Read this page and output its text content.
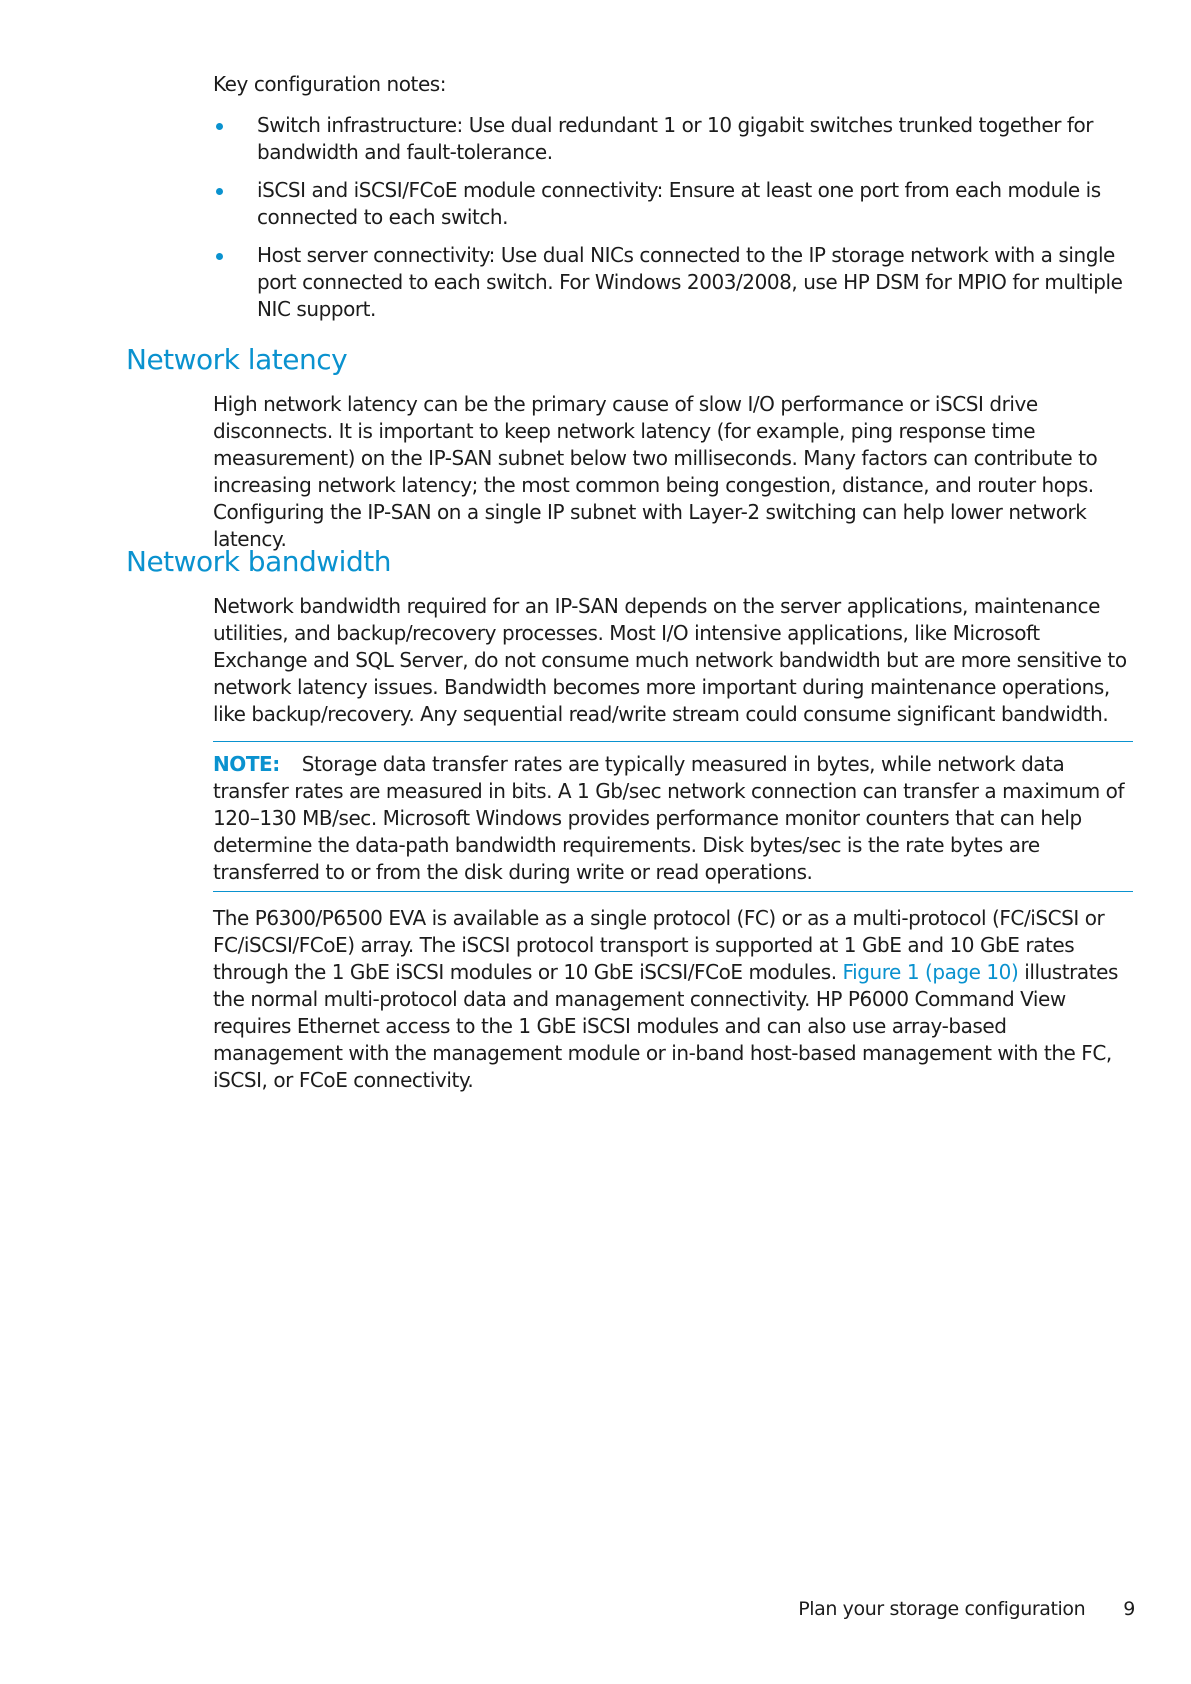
Key configuration notes:

Switch infrastructure: Use dual redundant 1 or 10 gigabit switches trunked together for bandwidth and fault-tolerance.
iSCSI and iSCSI/FCoE module connectivity: Ensure at least one port from each module is connected to each switch.
Host server connectivity: Use dual NICs connected to the IP storage network with a single port connected to each switch. For Windows 2003/2008, use HP DSM for MPIO for multiple NIC support.
Network latency

High network latency can be the primary cause of slow I/O performance or iSCSI drive disconnects. It is important to keep network latency (for example, ping response time measurement) on the IP-SAN subnet below two milliseconds. Many factors can contribute to increasing network latency; the most common being congestion, distance, and router hops. Configuring the IP-SAN on a single IP subnet with Layer-2 switching can help lower network latency.

Network bandwidth

Network bandwidth required for an IP-SAN depends on the server applications, maintenance utilities, and backup/recovery processes. Most I/O intensive applications, like Microsoft Exchange and SQL Server, do not consume much network bandwidth but are more sensitive to network latency issues. Bandwidth becomes more important during maintenance operations, like backup/recovery. Any sequential read/write stream could consume significant bandwidth.

NOTE: Storage data transfer rates are typically measured in bytes, while network data transfer rates are measured in bits. A 1 Gb/sec network connection can transfer a maximum of 120–130 MB/sec. Microsoft Windows provides performance monitor counters that can help determine the data-path bandwidth requirements. Disk bytes/sec is the rate bytes are transferred to or from the disk during write or read operations.

The P6300/P6500 EVA is available as a single protocol (FC) or as a multi-protocol (FC/iSCSI or FC/iSCSI/FCoE) array. The iSCSI protocol transport is supported at 1 GbE and 10 GbE rates through the 1 GbE iSCSI modules or 10 GbE iSCSI/FCoE modules. Figure 1 (page 10) illustrates the normal multi-protocol data and management connectivity. HP P6000 Command View requires Ethernet access to the 1 GbE iSCSI modules and can also use array-based management with the management module or in-band host-based management with the FC, iSCSI, or FCoE connectivity.

Plan your storage configuration 9
